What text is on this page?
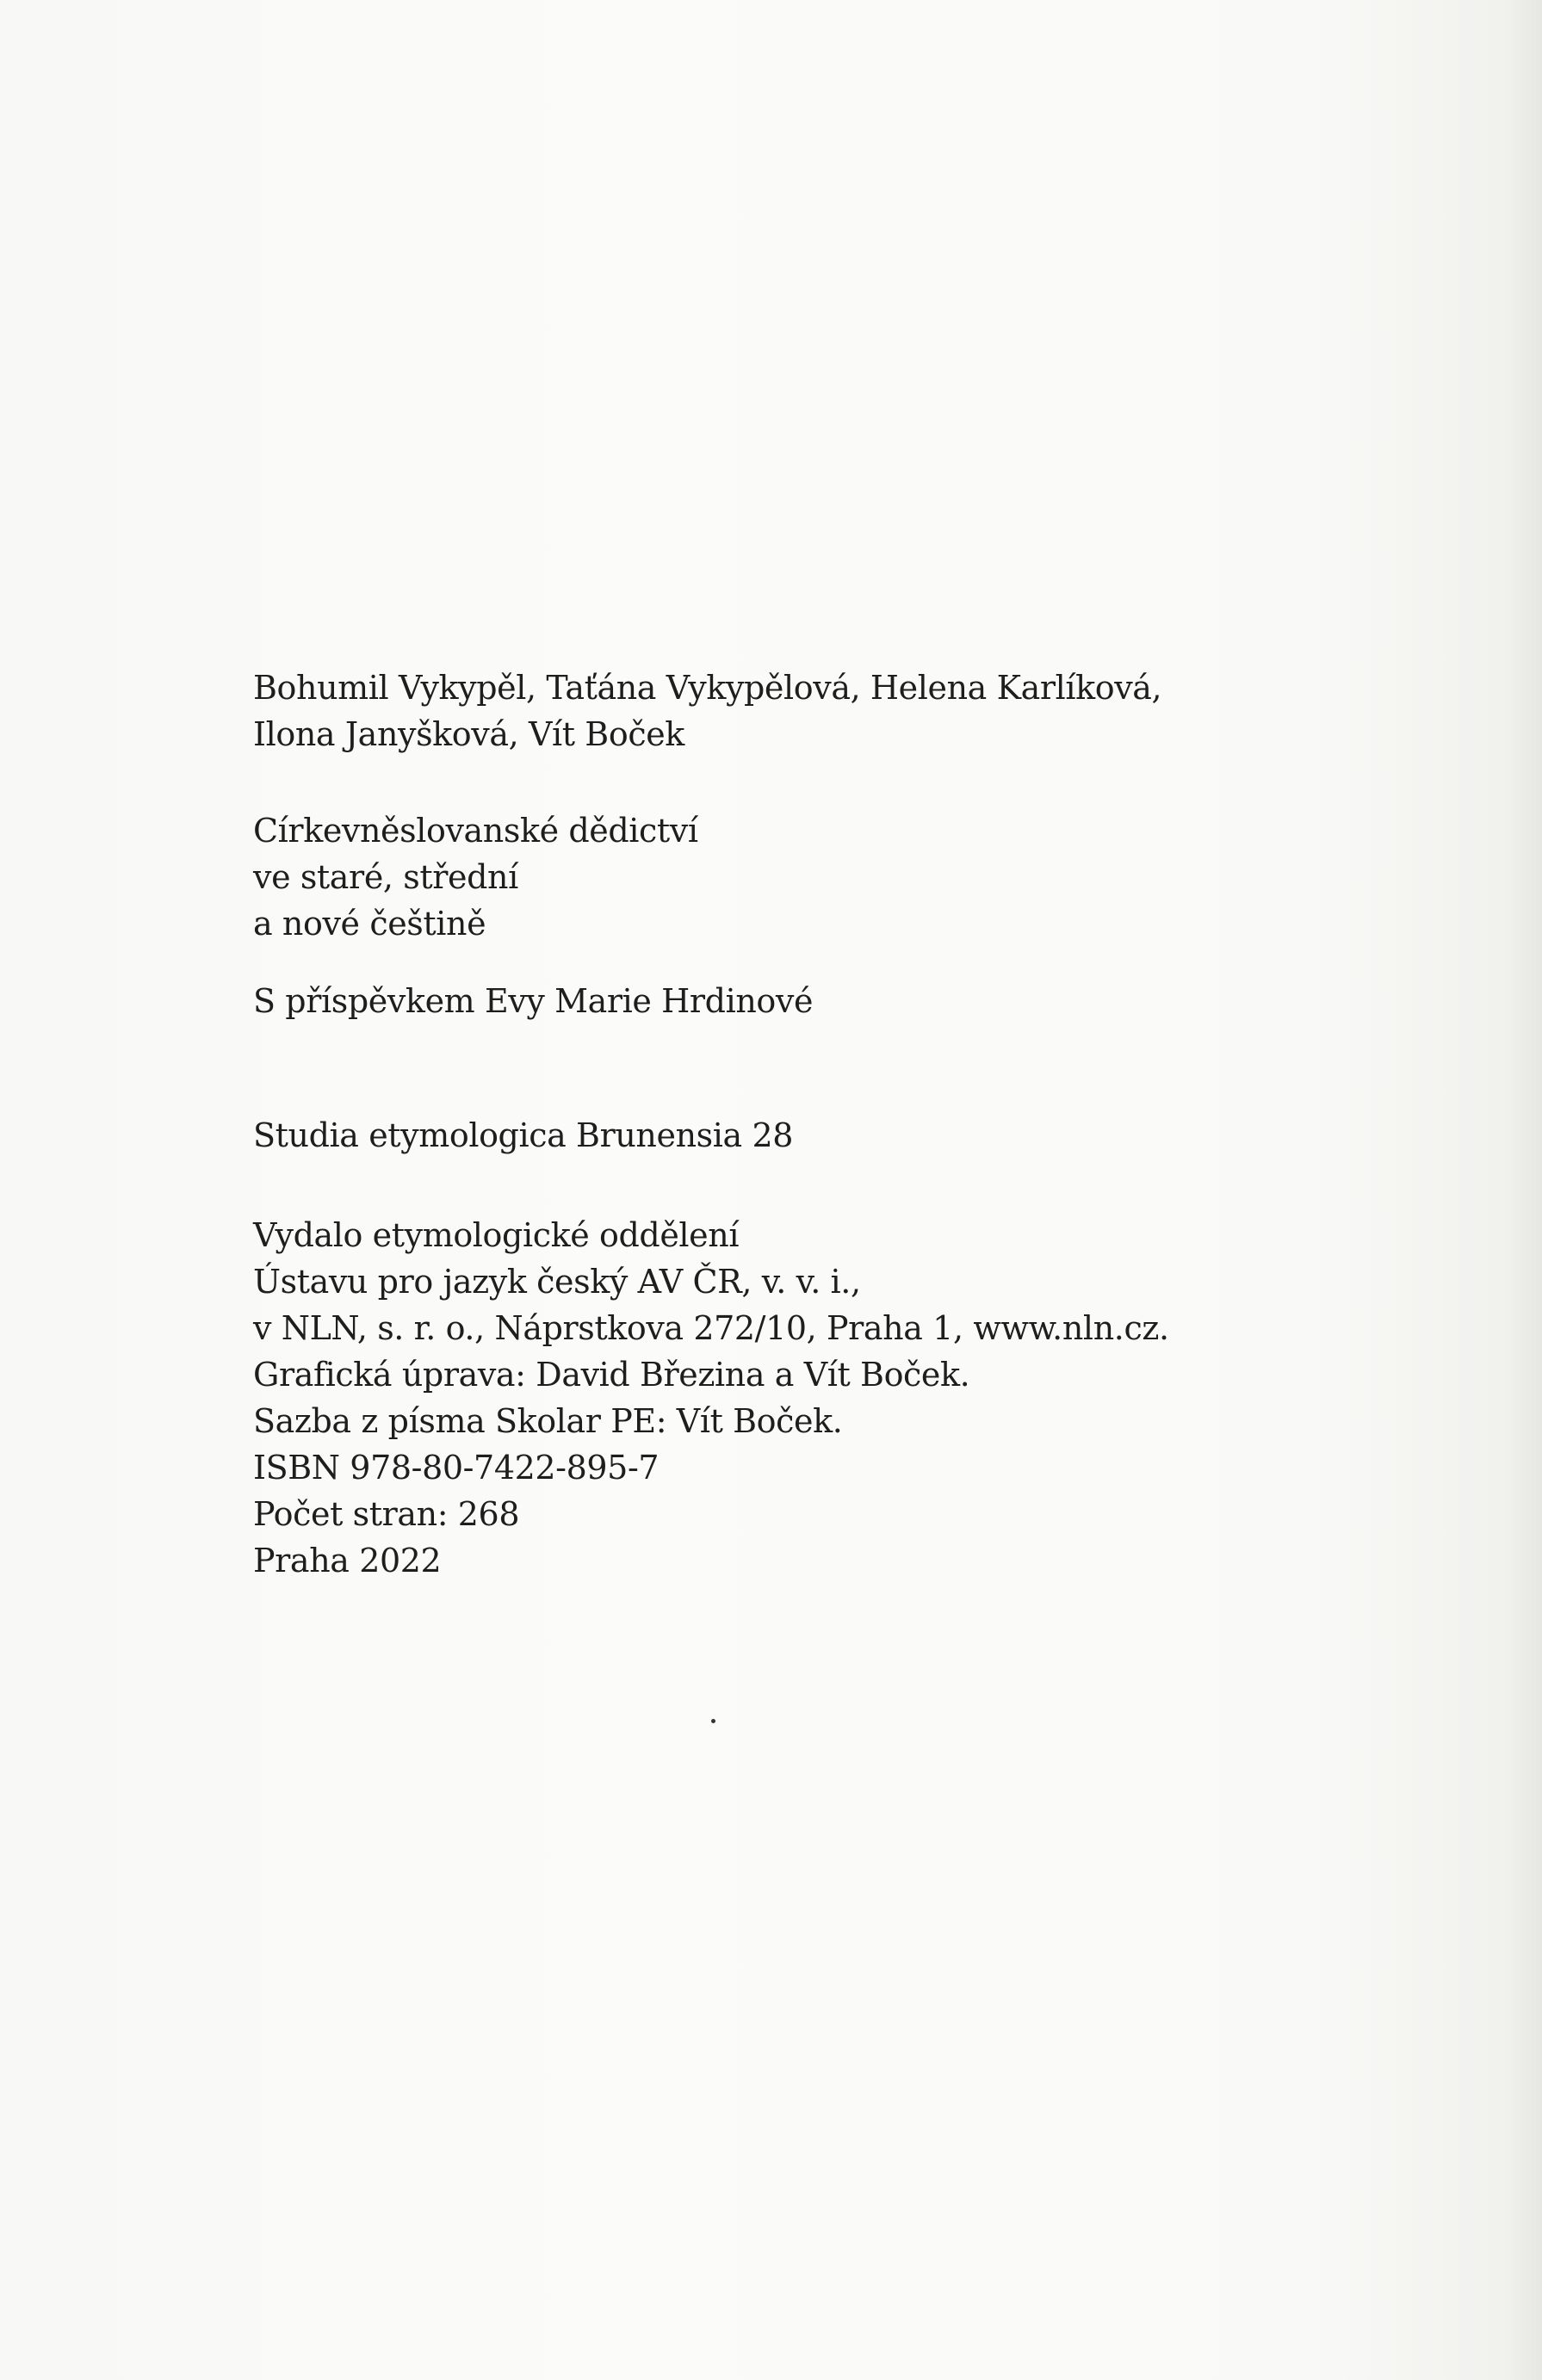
Bohumil Vykypěl, Taťána Vykypělová, Helena Karlíková,
Ilona Janyšková, Vít Boček
Církevněslovanské dědictví
ve staré, střední
a nové češtině
S příspěvkem Evy Marie Hrdinové
Studia etymologica Brunensia 28
Vydalo etymologické oddělení
Ústavu pro jazyk český AV ČR, v. v. i.,
v NLN, s. r. o., Náprstkova 272/10, Praha 1, www.nln.cz.
Grafická úprava: David Březina a Vít Boček.
Sazba z písma Skolar PE: Vít Boček.
ISBN 978-80-7422-895-7
Počet stran: 268
Praha 2022
